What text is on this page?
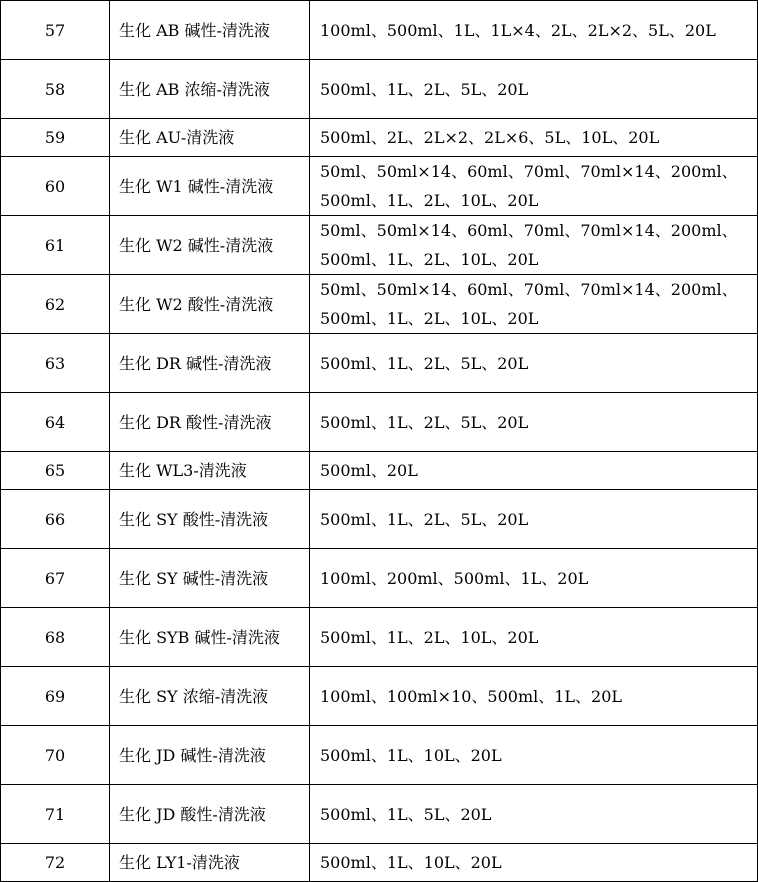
57	生化 AB 碱性-清洗液	100ml、500ml、1L、1L×4、2L、2L×2、5L、20L
58	生化 AB 浓缩-清洗液	500ml、1L、2L、5L、20L
59	生化 AU-清洗液	500ml、2L、2L×2、2L×6、5L、10L、20L
60	生化 W1 碱性-清洗液	50ml、50ml×14、60ml、70ml、70ml×14、200ml、500ml、1L、2L、10L、20L
61	生化 W2 碱性-清洗液	50ml、50ml×14、60ml、70ml、70ml×14、200ml、500ml、1L、2L、10L、20L
62	生化 W2 酸性-清洗液	50ml、50ml×14、60ml、70ml、70ml×14、200ml、500ml、1L、2L、10L、20L
63	生化 DR 碱性-清洗液	500ml、1L、2L、5L、20L
64	生化 DR 酸性-清洗液	500ml、1L、2L、5L、20L
65	生化 WL3-清洗液	500ml、20L
66	生化 SY 酸性-清洗液	500ml、1L、2L、5L、20L
67	生化 SY 碱性-清洗液	100ml、200ml、500ml、1L、20L
68	生化 SYB 碱性-清洗液	500ml、1L、2L、10L、20L
69	生化 SY 浓缩-清洗液	100ml、100ml×10、500ml、1L、20L
70	生化 JD 碱性-清洗液	500ml、1L、10L、20L
71	生化 JD 酸性-清洗液	500ml、1L、5L、20L
72	生化 LY1-清洗液	500ml、1L、10L、20L
